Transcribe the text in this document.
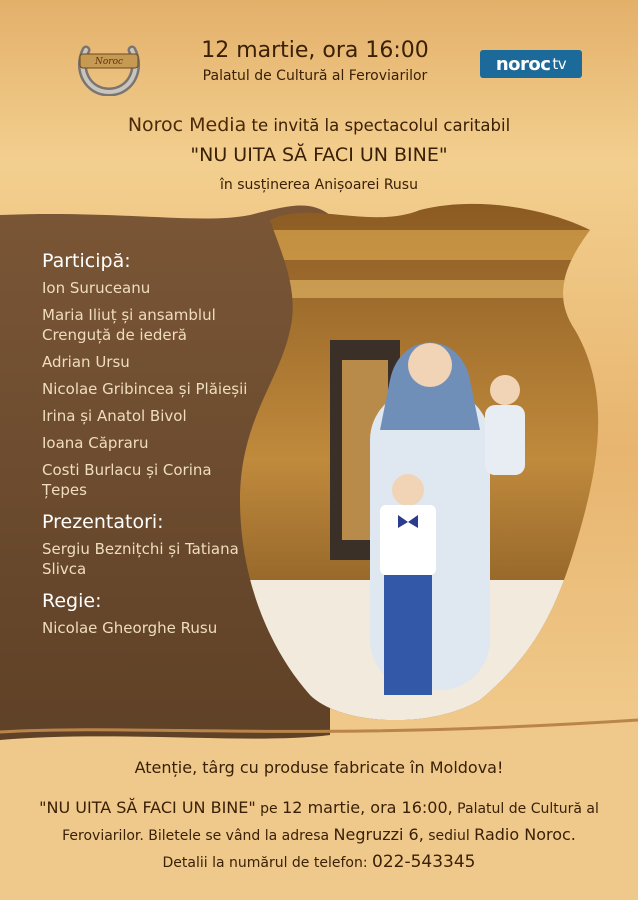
Noroc	12 martie, ora 16:00
Palatul de Cultură al Feroviarilor
noroc tv
Noroc Media te invită la spectacolul caritabil
"NU UITA SĂ FACI UN BINE"
în susținerea Anișoarei Rusu
Participă:
Ion Suruceanu
Maria Iliuț și ansamblul Crenguță de iederă
Adrian Ursu
Nicolae Gribincea și Plăieșii
Irina și Anatol Bivol
Ioana Căpraru
Costi Burlacu și Corina Țepes
Prezentatori:
Sergiu Beznițchi și Tatiana Slivca
Regie:
Nicolae Gheorghe Rusu
Atenție, târg cu produse fabricate în Moldova!
"NU UITA SĂ FACI UN BINE" pe 12 martie, ora 16:00, Palatul de Cultură al
Feroviarilor. Biletele se vând la adresa Negruzzi 6, sediul Radio Noroc.
Detalii la numărul de telefon: 022-543345
